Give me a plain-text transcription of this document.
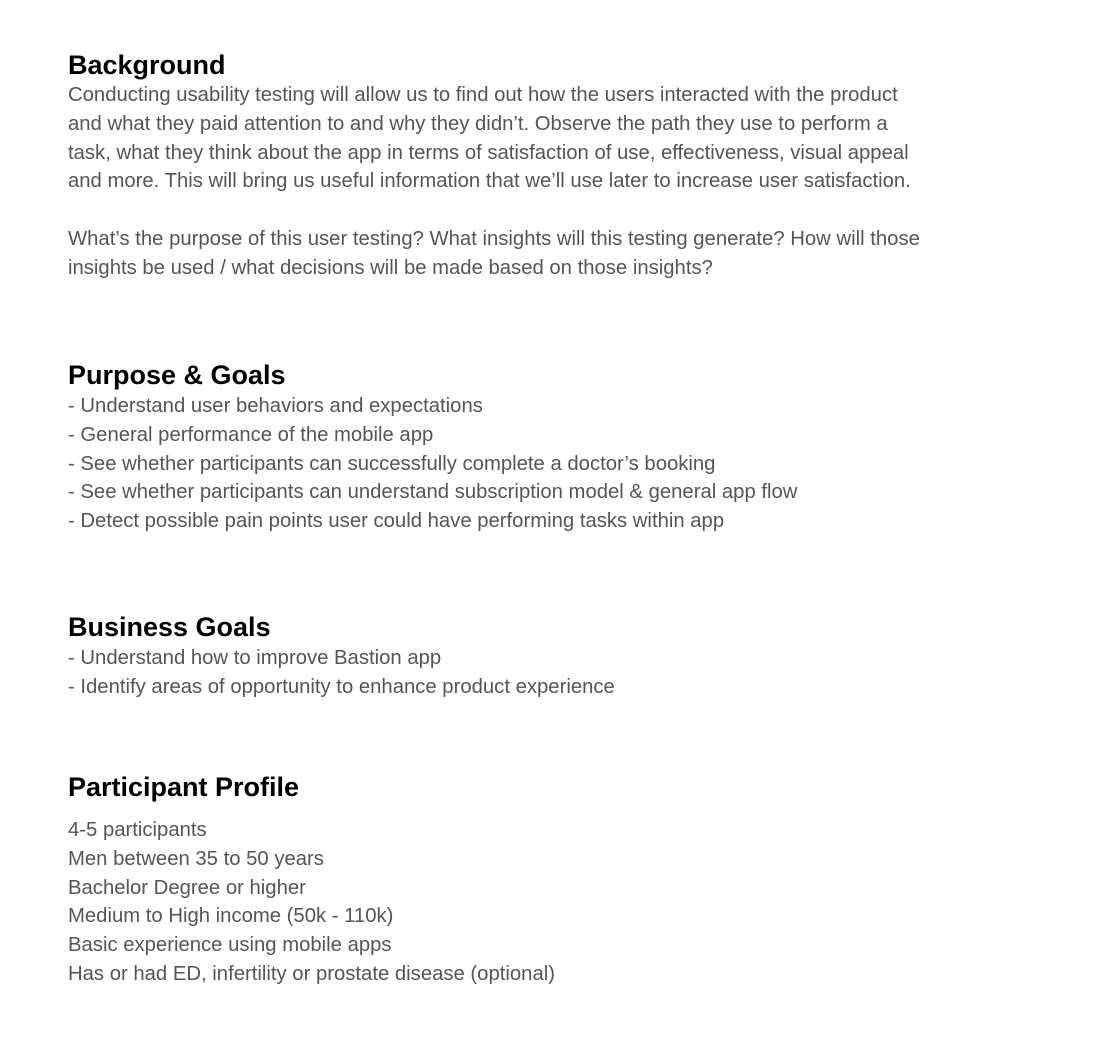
Background
Conducting usability testing will allow us to find out how the users interacted with the product
and what they paid attention to and why they didn’t. Observe the path they use to perform a
task, what they think about the app in terms of satisfaction of use, effectiveness, visual appeal
and more. This will bring us useful information that we’ll use later to increase user satisfaction.
What’s the purpose of this user testing? What insights will this testing generate? How will those
insights be used / what decisions will be made based on those insights?
Purpose & Goals
- Understand user behaviors and expectations
- General performance of the mobile app
- See whether participants can successfully complete a doctor’s booking
- See whether participants can understand subscription model & general app flow
- Detect possible pain points user could have performing tasks within app
Business Goals
- Understand how to improve Bastion app
- Identify areas of opportunity to enhance product experience
Participant Profile
4-5 participants
Men between 35 to 50 years
Bachelor Degree or higher
Medium to High income (50k - 110k)
Basic experience using mobile apps
Has or had ED, infertility or prostate disease (optional)
